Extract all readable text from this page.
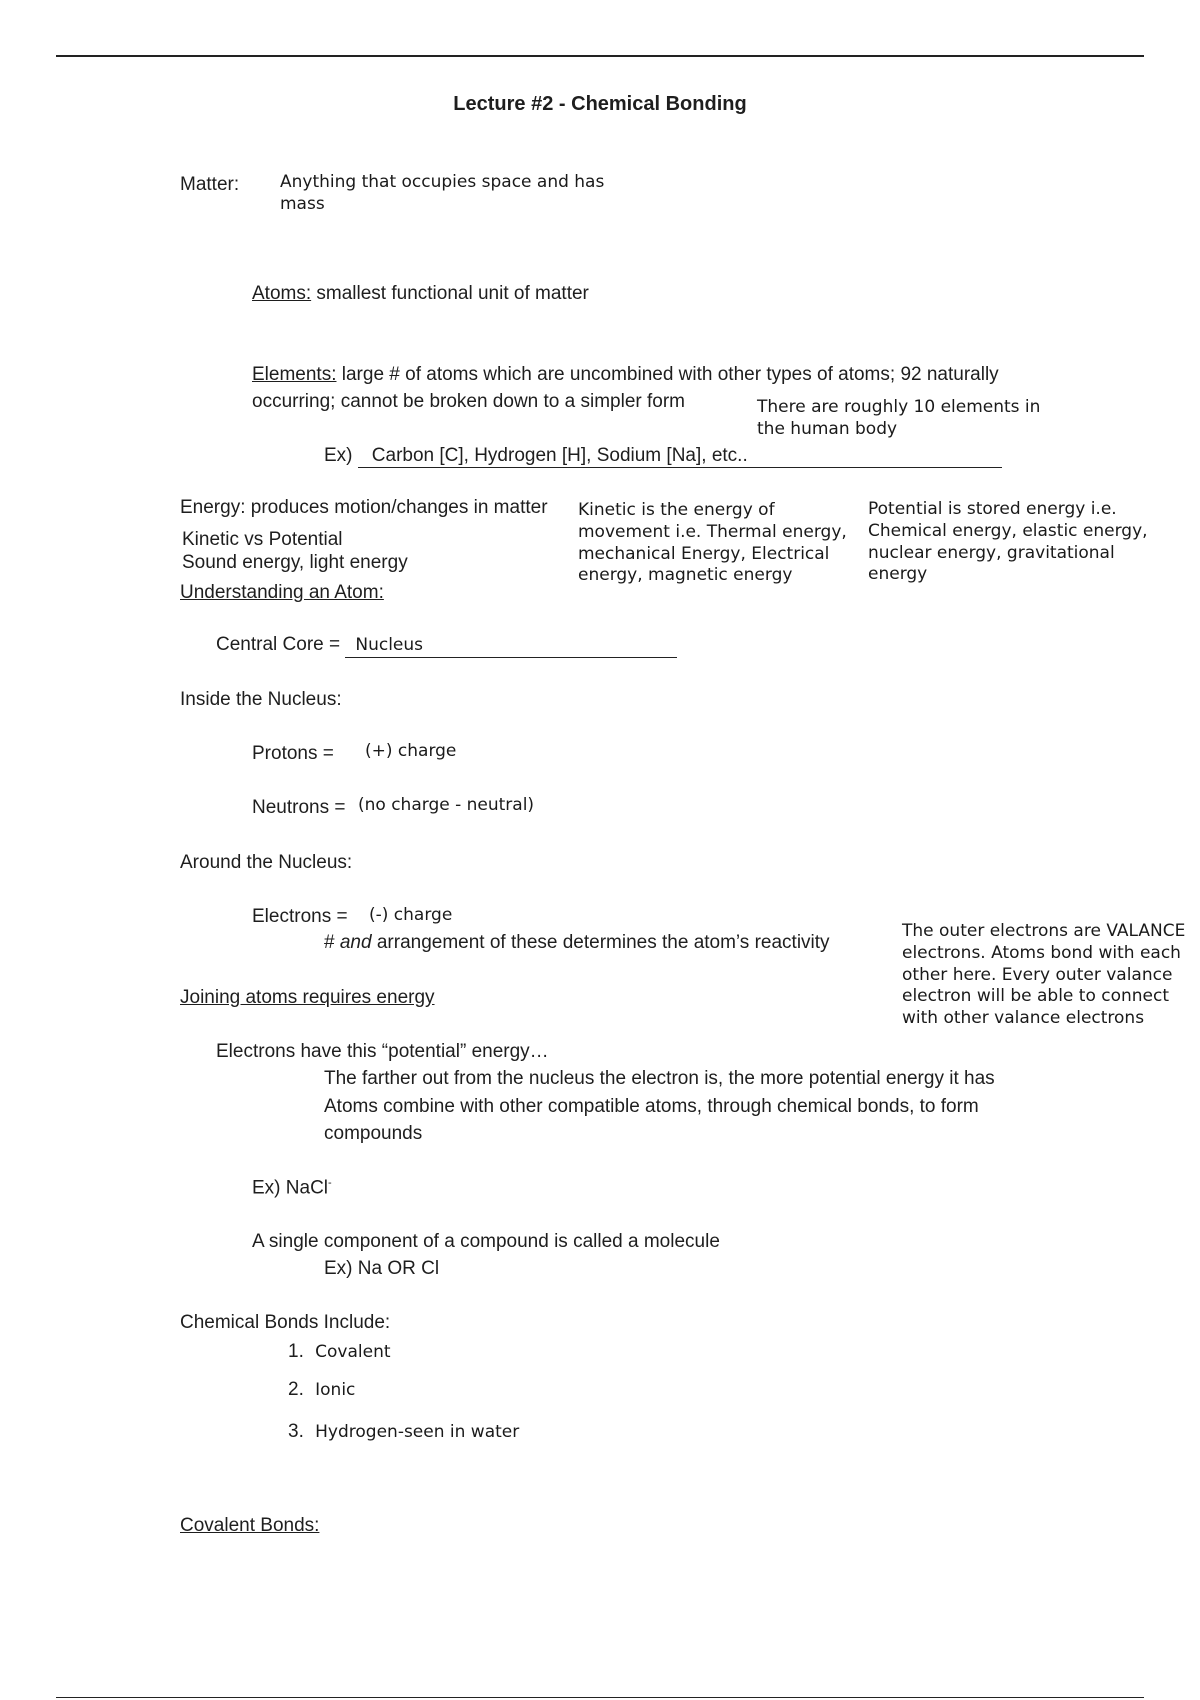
Lecture #2 - Chemical Bonding
Matter: Anything that occupies space and has
mass
Atoms: smallest functional unit of matter
Elements: large # of atoms which are uncombined with other types of atoms; 92 naturally
occurring; cannot be broken down to a simpler form	There are roughly 10 elements in
the human body
Ex) Carbon [C], Hydrogen [H], Sodium [Na], etc..
Energy: produces motion/changes in matter
Kinetic vs Potential
Sound energy, light energy
Kinetic is the energy of
movement i.e. Thermal energy,
mechanical Energy, Electrical
energy, magnetic energy
Potential is stored energy i.e.
Chemical energy, elastic energy,
nuclear energy, gravitational
energy
Understanding an Atom:
Central Core = Nucleus
Inside the Nucleus:
Protons = (+) charge
Neutrons = (no charge - neutral)
Around the Nucleus:
Electrons = (-) charge
# and arrangement of these determines the atom’s reactivity
The outer electrons are VALANCE
electrons. Atoms bond with each
other here. Every outer valance
electron will be able to connect
with other valance electrons
Joining atoms requires energy
Electrons have this “potential” energy…
The farther out from the nucleus the electron is, the more potential energy it has
Atoms combine with other compatible atoms, through chemical bonds, to form
compounds
Ex) NaCl-
A single component of a compound is called a molecule
Ex) Na OR Cl
Chemical Bonds Include:
1. Covalent
2. Ionic
3. Hydrogen-seen in water
Covalent Bonds:
